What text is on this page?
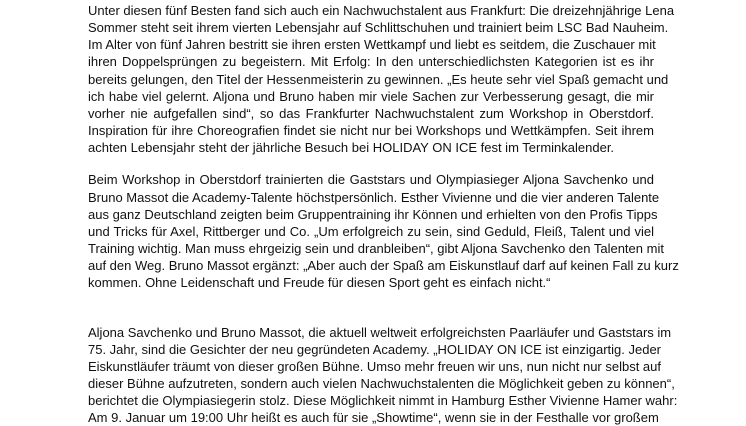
Unter diesen fünf Besten fand sich auch ein Nachwuchstalent aus Frankfurt: Die dreizehnjährige Lena
Sommer steht seit ihrem vierten Lebensjahr auf Schlittschuhen und trainiert beim LSC Bad Nauheim.
Im Alter von fünf Jahren bestritt sie ihren ersten Wettkampf und liebt es seitdem, die Zuschauer mit
ihren Doppelsprüngen zu begeistern. Mit Erfolg: In den unterschiedlichsten Kategorien ist es ihr
bereits gelungen, den Titel der Hessenmeisterin zu gewinnen. „Es heute sehr viel Spaß gemacht und
ich habe viel gelernt. Aljona und Bruno haben mir viele Sachen zur Verbesserung gesagt, die mir
vorher nie aufgefallen sind“, so das Frankfurter Nachwuchstalent zum Workshop in Oberstdorf.
Inspiration für ihre Choreografien findet sie nicht nur bei Workshops und Wettkämpfen. Seit ihrem
achten Lebensjahr steht der jährliche Besuch bei HOLIDAY ON ICE fest im Terminkalender.

Beim Workshop in Oberstdorf trainierten die Gaststars und Olympiasieger Aljona Savchenko und
Bruno Massot die Academy-Talente höchstpersönlich. Esther Vivienne und die vier anderen Talente
aus ganz Deutschland zeigten beim Gruppentraining ihr Können und erhielten von den Profis Tipps
und Tricks für Axel, Rittberger und Co. „Um erfolgreich zu sein, sind Geduld, Fleiß, Talent und viel
Training wichtig. Man muss ehrgeizig sein und dranbleiben“, gibt Aljona Savchenko den Talenten mit
auf den Weg. Bruno Massot ergänzt: „Aber auch der Spaß am Eiskunstlauf darf auf keinen Fall zu kurz
kommen. Ohne Leidenschaft und Freude für diesen Sport geht es einfach nicht.“

Aljona Savchenko und Bruno Massot, die aktuell weltweit erfolgreichsten Paarläufer und Gaststars im
75. Jahr, sind die Gesichter der neu gegründeten Academy. „HOLIDAY ON ICE ist einzigartig. Jeder
Eiskunstläufer träumt von dieser großen Bühne. Umso mehr freuen wir uns, nun nicht nur selbst auf
dieser Bühne aufzutreten, sondern auch vielen Nachwuchstalenten die Möglichkeit geben zu können“,
berichtet die Olympiasiegerin stolz. Diese Möglichkeit nimmt in Hamburg Esther Vivienne Hamer wahr:
Am 9. Januar um 19:00 Uhr heißt es auch für sie „Showtime“, wenn sie in der Festhalle vor großem
